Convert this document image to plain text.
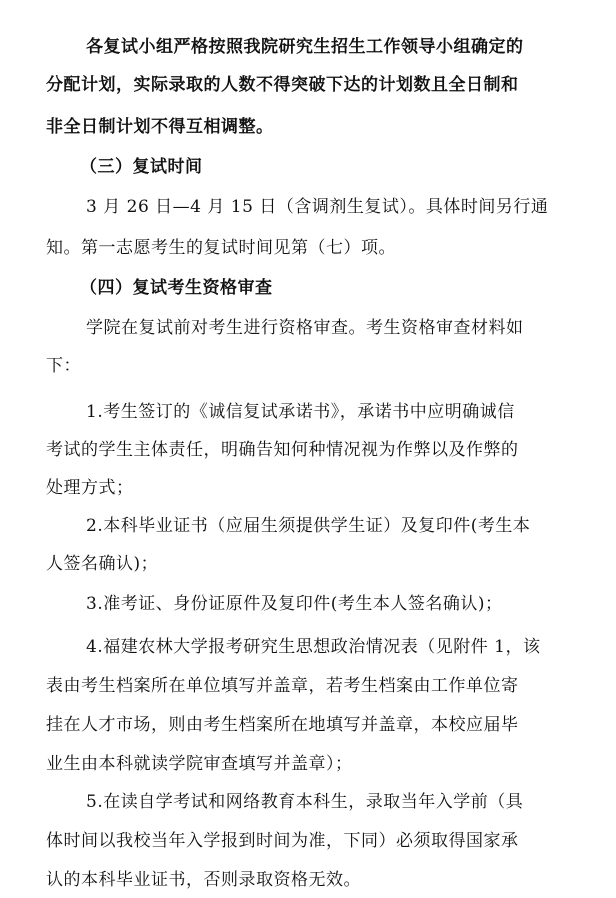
各复试小组严格按照我院研究生招生工作领导小组确定的
分配计划，实际录取的人数不得突破下达的计划数且全日制和
非全日制计划不得互相调整。
（三）复试时间
3 月 26 日—4 月 15 日（含调剂生复试）。具体时间另行通
知。第一志愿考生的复试时间见第（七）项。
（四）复试考生资格审查
学院在复试前对考生进行资格审查。考生资格审查材料如
下：
1.考生签订的《诚信复试承诺书》，承诺书中应明确诚信
考试的学生主体责任，明确告知何种情况视为作弊以及作弊的
处理方式；
2.本科毕业证书（应届生须提供学生证）及复印件(考生本
人签名确认)；
3.准考证、身份证原件及复印件(考生本人签名确认)；
4.福建农林大学报考研究生思想政治情况表（见附件 1，该
表由考生档案所在单位填写并盖章，若考生档案由工作单位寄
挂在人才市场，则由考生档案所在地填写并盖章，本校应届毕
业生由本科就读学院审查填写并盖章）；
5.在读自学考试和网络教育本科生，录取当年入学前（具
体时间以我校当年入学报到时间为准，下同）必须取得国家承
认的本科毕业证书，否则录取资格无效。
